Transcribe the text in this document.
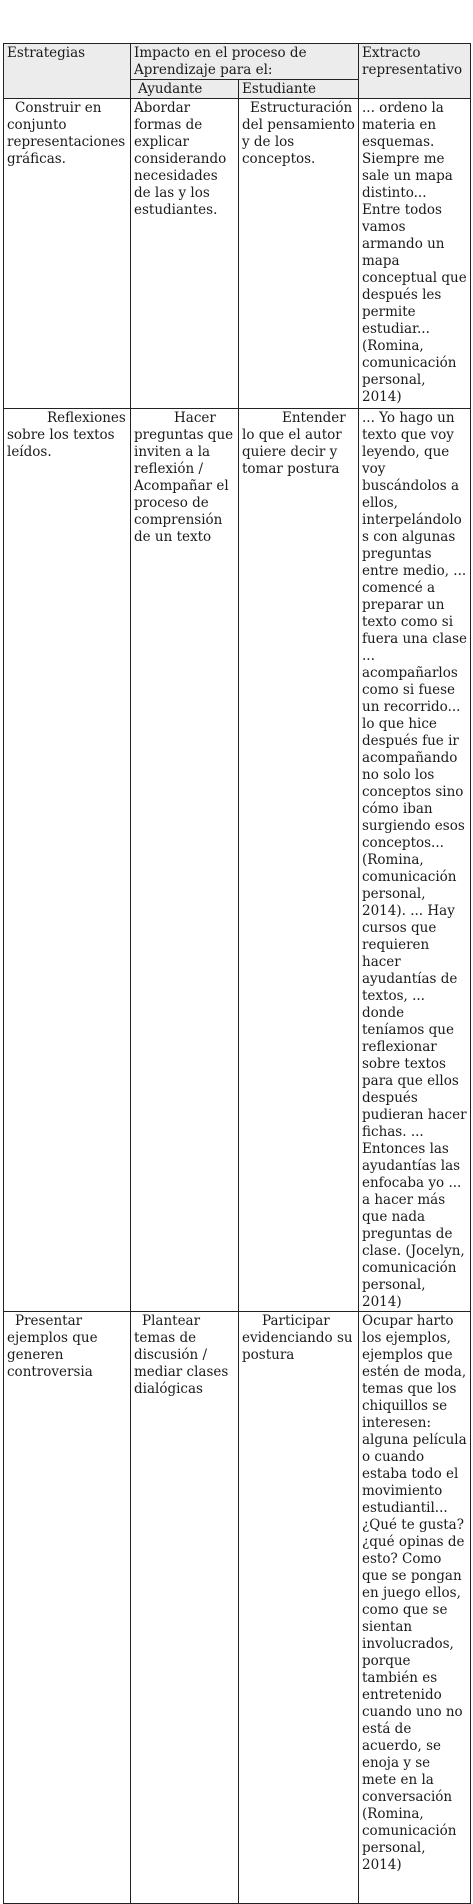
Estrategias	Impacto en el proceso de Aprendizaje para el:		Extracto representativo
	Ayudante	Estudiante	
Construir en conjunto representaciones gráficas.	Abordar formas de explicar considerando necesidades de las y los estudiantes.	Estructuración del pensamiento y de los conceptos.	... ordeno la materia en esquemas. Siempre me sale un mapa distinto... Entre todos vamos armando un mapa conceptual que después les permite estudiar... (Romina, comunicación personal, 2014)
Reflexiones sobre los textos leídos.	Hacer preguntas que inviten a la reflexión / Acompañar el proceso de comprensión de un texto	Entender lo que el autor quiere decir y tomar postura	... Yo hago un texto que voy leyendo, que voy buscándolos a ellos, interpelándolos con algunas preguntas entre medio, ... comencé a preparar un texto como si fuera una clase ... acompañarlos como si fuese un recorrido... lo que hice después fue ir acompañando no solo los conceptos sino cómo iban surgiendo esos conceptos... (Romina, comunicación personal, 2014). ... Hay cursos que requieren hacer ayudantías de textos, ... donde teníamos que reflexionar sobre textos para que ellos después pudieran hacer fichas. ... Entonces las ayudantías las enfocaba yo ... a hacer más que nada preguntas de clase. (Jocelyn, comunicación personal, 2014)
Presentar ejemplos que generen controversia	Plantear temas de discusión / mediar clases dialógicas	Participar evidenciando su postura	Ocupar harto los ejemplos, ejemplos que estén de moda, temas que los chiquillos se interesen: alguna película o cuando estaba todo el movimiento estudiantil... ¿Qué te gusta? ¿qué opinas de esto? Como que se pongan en juego ellos, como que se sientan involucrados, porque también es entretenido cuando uno no está de acuerdo, se enoja y se mete en la conversación (Romina, comunicación personal, 2014)
